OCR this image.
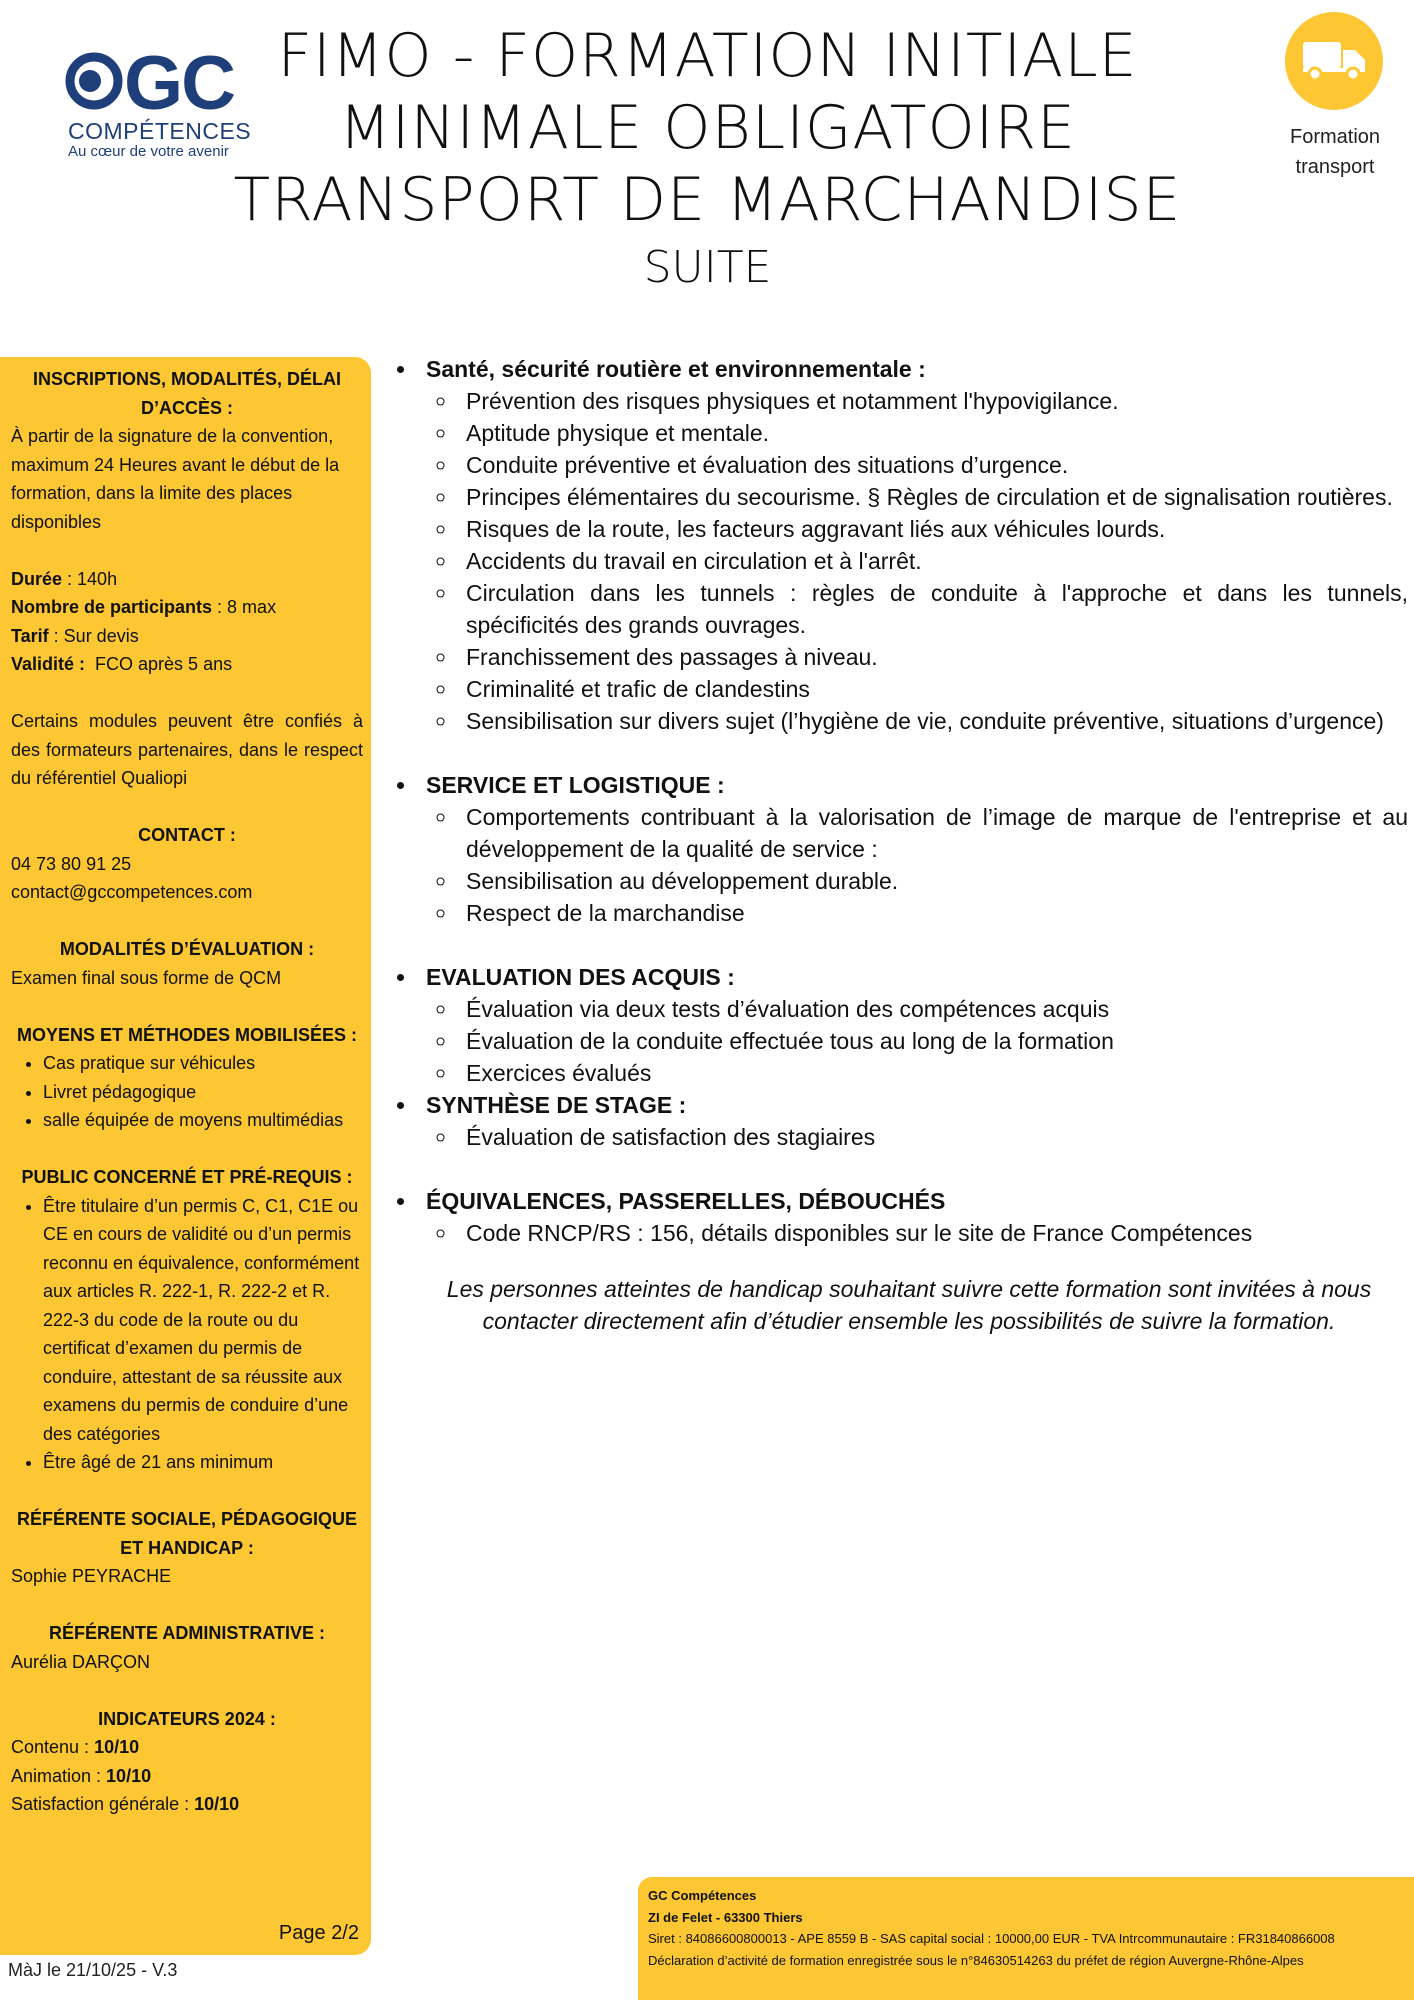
GC
COMPÉTENCES
Au cœur de votre avenir
FIMO - FORMATION INITIALE
MINIMALE OBLIGATOIRE
TRANSPORT DE MARCHANDISE
SUITE
Formation
transport
INSCRIPTIONS, MODALITÉS, DÉLAI D’ACCÈS :
À partir de la signature de la convention, maximum 24 Heures avant le début de la formation, dans la limite des places disponibles
Durée : 140h
Nombre de participants : 8 max
Tarif : Sur devis
Validité :  FCO après 5 ans
Certains modules peuvent être confiés à des formateurs partenaires, dans le respect du référentiel Qualiopi
CONTACT :
04 73 80 91 25
contact@gccompetences.com
MODALITÉS D’ÉVALUATION :
Examen final sous forme de QCM
MOYENS ET MÉTHODES MOBILISÉES :
• Cas pratique sur véhicules
• Livret pédagogique
• salle équipée de moyens multimédias
PUBLIC CONCERNÉ ET PRÉ-REQUIS :
• Être titulaire d’un permis C, C1, C1E ou CE en cours de validité ou d’un permis reconnu en équivalence, conformément aux articles R. 222-1, R. 222-2 et R. 222-3 du code de la route ou du certificat d’examen du permis de conduire, attestant de sa réussite aux examens du permis de conduire d’une des catégories
• Être âgé de 21 ans minimum
RÉFÉRENTE SOCIALE, PÉDAGOGIQUE ET HANDICAP :
Sophie PEYRACHE
RÉFÉRENTE ADMINISTRATIVE :
Aurélia DARÇON
INDICATEURS 2024 :
Contenu : 10/10
Animation : 10/10
Satisfaction générale : 10/10
Page 2/2
MàJ le 21/10/25 - V.3
• Santé, sécurité routière et environnementale :
◦ Prévention des risques physiques et notamment l'hypovigilance.
◦ Aptitude physique et mentale.
◦ Conduite préventive et évaluation des situations d’urgence.
◦ Principes élémentaires du secourisme. § Règles de circulation et de signalisation routières.
◦ Risques de la route, les facteurs aggravant liés aux véhicules lourds.
◦ Accidents du travail en circulation et à l'arrêt.
◦ Circulation dans les tunnels : règles de conduite à l'approche et dans les tunnels, spécificités des grands ouvrages.
◦ Franchissement des passages à niveau.
◦ Criminalité et trafic de clandestins
◦ Sensibilisation sur divers sujet (l’hygiène de vie, conduite préventive, situations d’urgence)
• SERVICE ET LOGISTIQUE :
◦ Comportements contribuant à la valorisation de l’image de marque de l'entreprise et au développement de la qualité de service :
◦ Sensibilisation au développement durable.
◦ Respect de la marchandise
• EVALUATION DES ACQUIS :
◦ Évaluation via deux tests d’évaluation des compétences acquis
◦ Évaluation de la conduite effectuée tous au long de la formation
◦ Exercices évalués
• SYNTHÈSE DE STAGE :
◦ Évaluation de satisfaction des stagiaires
• ÉQUIVALENCES, PASSERELLES, DÉBOUCHÉS
◦ Code RNCP/RS : 156, détails disponibles sur le site de France Compétences
Les personnes atteintes de handicap souhaitant suivre cette formation sont invitées à nous contacter directement afin d’étudier ensemble les possibilités de suivre la formation.
GC Compétences
ZI de Felet - 63300 Thiers
Siret : 84086600800013 - APE 8559 B - SAS capital social : 10000,00 EUR - TVA Intrcommunautaire : FR31840866008
Déclaration d’activité de formation enregistrée sous le n°84630514263 du préfet de région Auvergne-Rhône-Alpes
